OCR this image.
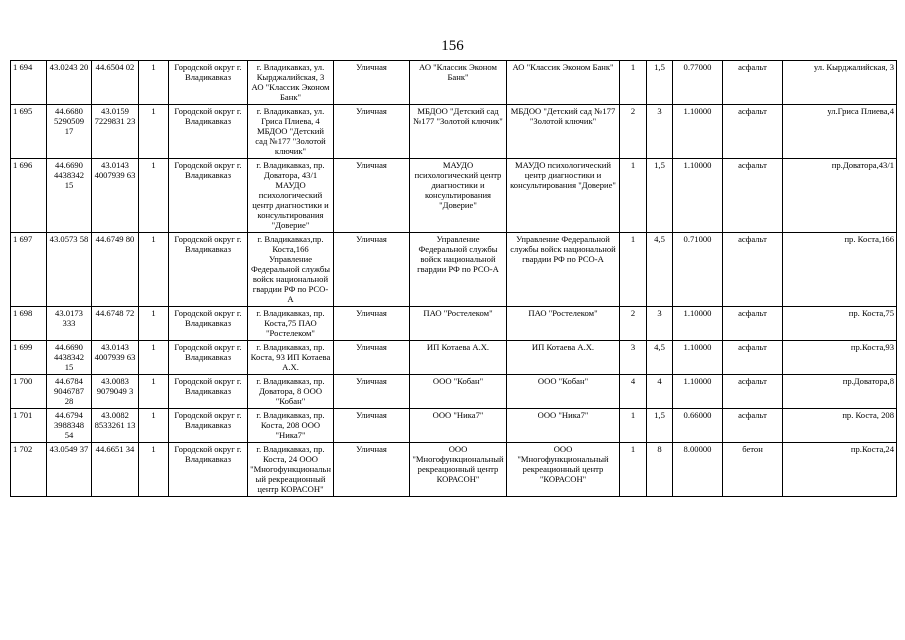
156
1 694	43.0243 20	44.6504 02	1	Городской округ г. Владикавказ	г. Владикавказ, ул. Кырджалийская, 3 АО "Классик Эконом Банк"	Уличная	АО "Классик Эконом Банк"	АО "Классик Эконом Банк"	1	1,5	0.77000	асфальт	ул. Кырджалийская, 3
1 695	44.6680 5290509 17	43.0159 7229831 23	1	Городской округ г. Владикавказ	г. Владикавказ, ул. Гриса Плиева, 4 МБДОО "Детский сад №177 "Золотой ключик"	Уличная	МБДОО "Детский сад №177 "Золотой ключик"	МБДОО "Детский сад №177 "Золотой ключик"	2	3	1.10000	асфальт	ул.Гриса Плиева,4
1 696	44.6690 4438342 15	43.0143 4007939 63	1	Городской округ г. Владикавказ	г. Владикавказ, пр. Доватора, 43/1 МАУДО психологический центр диагностики и консультирования "Доверие"	Уличная	МАУДО психологический центр диагностики и консультирования "Доверие"	МАУДО психологический центр диагностики и консультирования "Доверие"	1	1,5	1.10000	асфальт	пр.Доватора,43/1
1 697	43.0573 58	44.6749 80	1	Городской округ г. Владикавказ	г. Владикавказ,пр. Коста,166 Управление Федеральной службы войск национальной гвардии РФ по РСО-А	Уличная	Управление Федеральной службы войск национальной гвардии РФ по РСО-А	Управление Федеральной службы войск национальной гвардии РФ по РСО-А	1	4,5	0.71000	асфальт	пр. Коста,166
1 698	43.0173 333	44.6748 72	1	Городской округ г. Владикавказ	г. Владикавказ, пр. Коста,75 ПАО "Ростелеком"	Уличная	ПАО "Ростелеком"	ПАО "Ростелеком"	2	3	1.10000	асфальт	пр. Коста,75
1 699	44.6690 4438342 15	43.0143 4007939 63	1	Городской округ г. Владикавказ	г. Владикавказ, пр. Коста, 93 ИП Котаева А.Х.	Уличная	ИП Котаева А.Х.	ИП Котаева А.Х.	3	4,5	1.10000	асфальт	пр.Коста,93
1 700	44.6784 9046787 28	43.0083 9079049 3	1	Городской округ г. Владикавказ	г. Владикавказ, пр. Доватора, 8 ООО "Кобан"	Уличная	ООО "Кобан"	ООО "Кобан"	4	4	1.10000	асфальт	пр.Доватора,8
1 701	44.6794 3988348 54	43.0082 8533261 13	1	Городской округ г. Владикавказ	г. Владикавказ, пр. Коста, 208 ООО "Ника7"	Уличная	ООО "Ника7"	ООО "Ника7"	1	1,5	0.66000	асфальт	пр. Коста, 208
1 702	43.0549 37	44.6651 34	1	Городской округ г. Владикавказ	г. Владикавказ, пр. Коста, 24 ООО "Многофункциональный рекреационный центр КОРАСОН"	Уличная	ООО "Многофункциональный рекреационный центр КОРАСОН"	ООО "Многофункциональный рекреационный центр "КОРАСОН"	1	8	8.00000	бетон	пр.Коста,24
